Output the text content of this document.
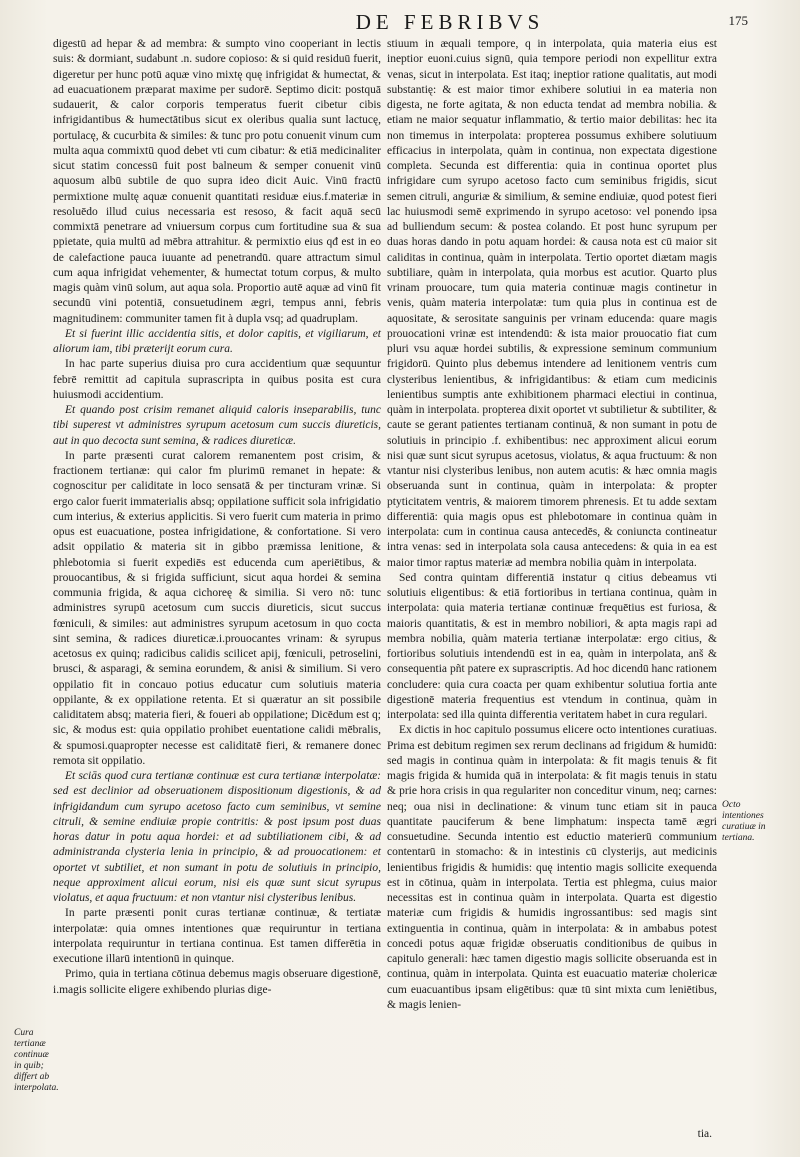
DE FEBRIBVS	175

digestū ad hepar & ad membra: & sumpto vino cooperiant in lectis suis: & dormiant, sudabunt .n. sudore copioso: & si quid residuū fuerit, digeretur per hunc potū aquæ vino mixtę quę infrigidat & humectat, & ad euacuationem præparat maxime per sudorē. Septimo dicit: postquā sudauerit, & calor corporis temperatus fuerit cibetur cibis infrigidantibus & humectātibus sicut ex oleribus qualia sunt lactucę, portulacę, & cucurbita & similes: & tunc pro potu conuenit vinum cum multa aqua commixtū quod debet vti cum cibatur: & etiā medicinaliter sicut statim concessū fuit post balneum & semper conuenit vinū aquosum albū subtile de quo supra ideo dicit Auic. Vinū fractū permixtione multę aquæ conuenit quantitati residuæ eius.f.materiæ in resoluēdo illud cuius necessaria est resoso, & facit aquā secū commixtā penetrare ad vniuersum corpus cum fortitudine sua & sua ppietate, quia multū ad mēbra attrahitur. & permixtio eius qđ est in eo de calefactione pauca iuuante ad penetrandū. quare attractum simul cum aqua infrigidat vehementer, & humectat totum corpus, & multo magis quàm vinū solum, aut aqua sola. Proportio autē aquæ ad vinū fit secundū vini potentiā, consuetudinem ægri, tempus anni, febris magnitudinem: communiter tamen fit à dupla vsq; ad quadruplam.

Et si fuerint illic accidentia sitis, et dolor capitis, et vigiliarum, et aliorum iam, tibi præterijt eorum cura.

In hac parte superius diuisa pro cura accidentium quæ sequuntur febrē remittit ad capitula suprascripta in quibus posita est cura huiusmodi accidentium.

Et quando post crisim remanet aliquid caloris inseparabilis, tunc tibi superest vt administres syrupum acetosum cum succis diureticis, aut in quo decocta sunt semina, & radices diureticæ.

In parte præsenti curat calorem remanentem post crisim, & fractionem tertianæ: qui calor fm plurimū remanet in hepate: & cognoscitur per caliditate in loco sensatā & per tincturam vrinæ. Si ergo calor fuerit immaterialis absq; oppilatione sufficit sola infrigidatio cum interius, & exterius applicitis. Si vero fuerit cum materia in primo opus est euacuatione, postea infrigidatione, & confortatione. Si vero adsit oppilatio & materia sit in gibbo præmissa lenitione, & phlebotomia si fuerit expediēs est educenda cum aperiētibus, & prouocantibus, & si frigida sufficiunt, sicut aqua hordei & semina communia frigida, & aqua cichoreę & similia. Si vero nō: tunc administres syrupū acetosum cum succis diureticis, sicut succus fœniculi, & similes: aut administres syrupum acetosum in quo cocta sint semina, & radices diureticæ.i.prouocantes vrinam: & syrupus acetosus ex quinq; radicibus calidis scilicet apij, fœniculi, petroselini, brusci, & asparagi, & semina eorundem, & anisi & similium. Si vero oppilatio fit in concauo potius educatur cum solutiuis materia oppilante, & ex oppilatione retenta. Et si quæratur an sit possibile caliditatem absq; materia fieri, & foueri ab oppilatione; Dicēdum est q; sic, & modus est: quia oppilatio prohibet euentatione calidi mēbralis, & spumosi.quapropter necesse est caliditatē fieri, & remanere donec remota sit oppilatio.

Et sciās quod cura tertianæ continuæ est cura tertianæ interpolatæ: sed est declinior ad obseruationem dispositionum digestionis, & ad infrigidandum cum syrupo acetoso facto cum seminibus, vt semine citruli, & semine endiuiæ propie contritis: & post ipsum post duas horas datur in potu aqua hordei: et ad subtiliationem cibi, & ad administranda clysteria lenia in principio, & ad prouocationem: et oportet vt subtiliet, et non sumant in potu de solutiuis in principio, neque approximent alicui eorum, nisi eis quæ sunt sicut syrupus violatus, et aqua fructuum: et non vtantur nisi clysteribus lenibus.

In parte præsenti ponit curas tertianæ continuæ, & tertiatæ interpolatæ: quia omnes intentiones quæ requiruntur in tertiana interpolata requiruntur in tertiana continua. Est tamen differētia in executione illarū intentionū in quinque.

Primo, quia in tertiana cōtinua debemus magis obseruare digestionē, i.magis sollicite eligere exhibendo plurias dige-

stiuum in æquali tempore, q in interpolata, quia materia eius est ineptior euoni.cuius signū, quia tempore periodi non expellitur extra venas, sicut in interpolata. Est itaq; ineptior ratione qualitatis, aut modi substantię: & est maior timor exhibere solutiui in ea materia non digesta, ne forte agitata, & non educta tendat ad membra nobilia. & etiam ne maior sequatur inflammatio, & tertio maior debilitas: hec ita non timemus in interpolata: propterea possumus exhibere solutiuum efficacius in interpolata, quàm in continua, non expectata digestione completa. Secunda est differentia: quia in continua oportet plus infrigidare cum syrupo acetoso facto cum seminibus frigidis, sicut semen citruli, anguriæ & similium, & semine endiuiæ, quod potest fieri lac huiusmodi semē exprimendo in syrupo acetoso: vel ponendo ipsa ad bulliendum secum: & postea colando. Et post hunc syrupum per duas horas dando in potu aquam hordei: & causa nota est cū maior sit caliditas in continua, quàm in interpolata. Tertio oportet diætam magis subtiliare, quàm in interpolata, quia morbus est acutior. Quarto plus vrinam prouocare, tum quia materia continuæ magis continetur in venis, quàm materia interpolatæ: tum quia plus in continua est de aquositate, & serositate sanguinis per vrinam educenda: quare magis prouocationi vrinæ est intendendū: & ista maior prouocatio fiat cum pluri vsu aquæ hordei subtilis, & expressione seminum communium frigidorū. Quinto plus debemus intendere ad lenitionem ventris cum clysteribus lenientibus, & infrigidantibus: & etiam cum medicinis lenientibus sumptis ante exhibitionem pharmaci electiui in continua, quàm in interpolata. propterea dixit oportet vt subtilietur & subtiliter, & caute se gerant patientes tertianam continuā, & non sumant in potu de solutiuis in principio .f. exhibentibus: nec approximent alicui eorum nisi quæ sunt sicut syrupus acetosus, violatus, & aqua fructuum: & non vtantur nisi clysteribus lenibus, non autem acutis: & hæc omnia magis obseruanda sunt in continua, quàm in interpolata: & propter ptyticitatem ventris, & maiorem timorem phrenesis. Et tu adde sextam differentiā: quia magis opus est phlebotomare in continua quàm in interpolata: cum in continua causa antecedēs, & coniuncta contineatur intra venas: sed in interpolata sola causa antecedens: & quia in ea est maior timor raptus materiæ ad membra nobilia quàm in interpolata.

Sed contra quintam differentiā instatur q citius debeamus vti solutiuis eligentibus: & etiā fortioribus in tertiana continua, quàm in interpolata: quia materia tertianæ continuæ frequētius est furiosa, & maioris quantitatis, & est in membro nobiliori, & apta magis rapi ad membra nobilia, quàm materia tertianæ interpolatæ: ergo citius, & fortioribus solutiuis intendendū est in ea, quàm in interpolata, anš & consequentia pñt patere ex suprascriptis. Ad hoc dicendū hanc rationem concludere: quia cura coacta per quam exhibentur solutiua fortia ante digestionē materia frequentius est vtendum in continua, quàm in interpolata: sed illa quinta differentia veritatem habet in cura regulari.

Ex dictis in hoc capitulo possumus elicere octo intentiones curatiuas. Prima est debitum regimen sex rerum declinans ad frigidum & humidū: sed magis in continua quàm in interpolata: & fit magis tenuis & fit magis frigida & humida quā in interpolata: & fit magis tenuis in statu & prie hora crisis in qua regulariter non conceditur vinum, neq; carnes: neq; oua nisi in declinatione: & vinum tunc etiam sit in pauca quantitate pauciferum & bene limphatum: inspecta tamē ægri consuetudine. Secunda intentio est eductio materierū communium contentarū in stomacho: & in intestinis cū clysterijs, aut medicinis lenientibus frigidis & humidis: quę intentio magis sollicite exequenda est in cōtinua, quàm in interpolata. Tertia est phlegma, cuius maior necessitas est in continua quàm in interpolata. Quarta est digestio materiæ cum frigidis & humidis ingrossantibus: sed magis sint extinguentia in continua, quàm in interpolata: & in ambabus potest concedi potus aquæ frigidæ obseruatis conditionibus de quibus in capitulo generali: hæc tamen digestio magis sollicite obseruanda est in continua, quàm in interpolata. Quinta est euacuatio materiæ cholericæ cum euacuantibus ipsam eligētibus: quæ tū sint mixta cum leniētibus, & magis lenien-

Cura tertianæ continuæ in quib; differt ab interpolata.
Octo intentiones curatiuæ in tertiana.
tia.
